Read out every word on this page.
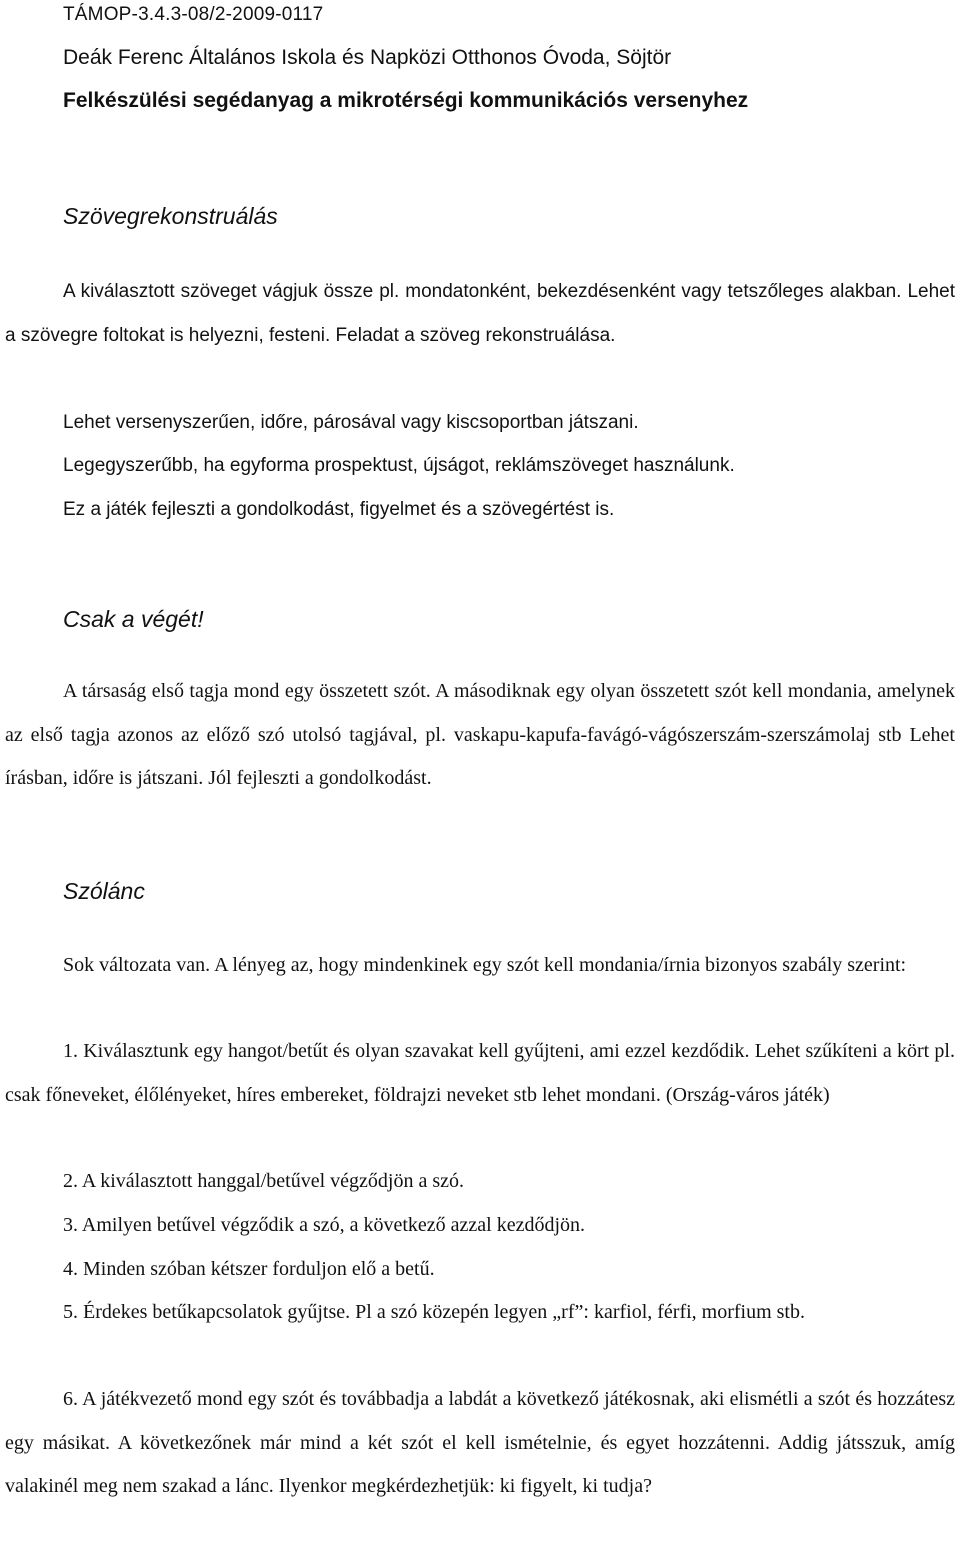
TÁMOP-3.4.3-08/2-2009-0117
Deák Ferenc Általános Iskola és Napközi Otthonos Óvoda, Söjtör
Felkészülési segédanyag a mikrotérségi kommunikációs versenyhez
Szövegrekonstruálás

A kiválasztott szöveget vágjuk össze pl. mondatonként, bekezdésenként vagy tetszőleges alakban. Lehet a szövegre foltokat is helyezni, festeni. Feladat a szöveg rekonstruálása.

Lehet versenyszerűen, időre, párosával vagy kiscsoportban játszani.

Legegyszerűbb, ha egyforma prospektust, újságot, reklámszöveget használunk.

Ez a játék fejleszti a gondolkodást, figyelmet és a szövegértést is.

Csak a végét!

A társaság első tagja mond egy összetett szót. A másodiknak egy olyan összetett szót kell mondania, amelynek az első tagja azonos az előző szó utolsó tagjával, pl. vaskapu-kapufa-favágó-vágószerszám-szerszámolaj stb Lehet írásban, időre is játszani. Jól fejleszti a gondolkodást.

Szólánc

Sok változata van. A lényeg az, hogy mindenkinek egy szót kell mondania/írnia bizonyos szabály szerint:

1. Kiválasztunk egy hangot/betűt és olyan szavakat kell gyűjteni, ami ezzel kezdődik. Lehet szűkíteni a kört pl. csak főneveket, élőlényeket, híres embereket, földrajzi neveket stb lehet mondani. (Ország-város játék)

2. A kiválasztott hanggal/betűvel végződjön a szó.

3. Amilyen betűvel végződik a szó, a következő azzal kezdődjön.

4. Minden szóban kétszer forduljon elő a betű.

5. Érdekes betűkapcsolatok gyűjtse. Pl a szó közepén legyen „rf”: karfiol, férfi, morfium stb.

6. A játékvezető mond egy szót és továbbadja a labdát a következő játékosnak, aki elismétli a szót és hozzátesz egy másikat. A következőnek már mind a két szót el kell ismételnie, és egyet hozzátenni. Addig játsszuk, amíg valakinél meg nem szakad a lánc. Ilyenkor megkérdezhetjük: ki figyelt, ki tudja?
